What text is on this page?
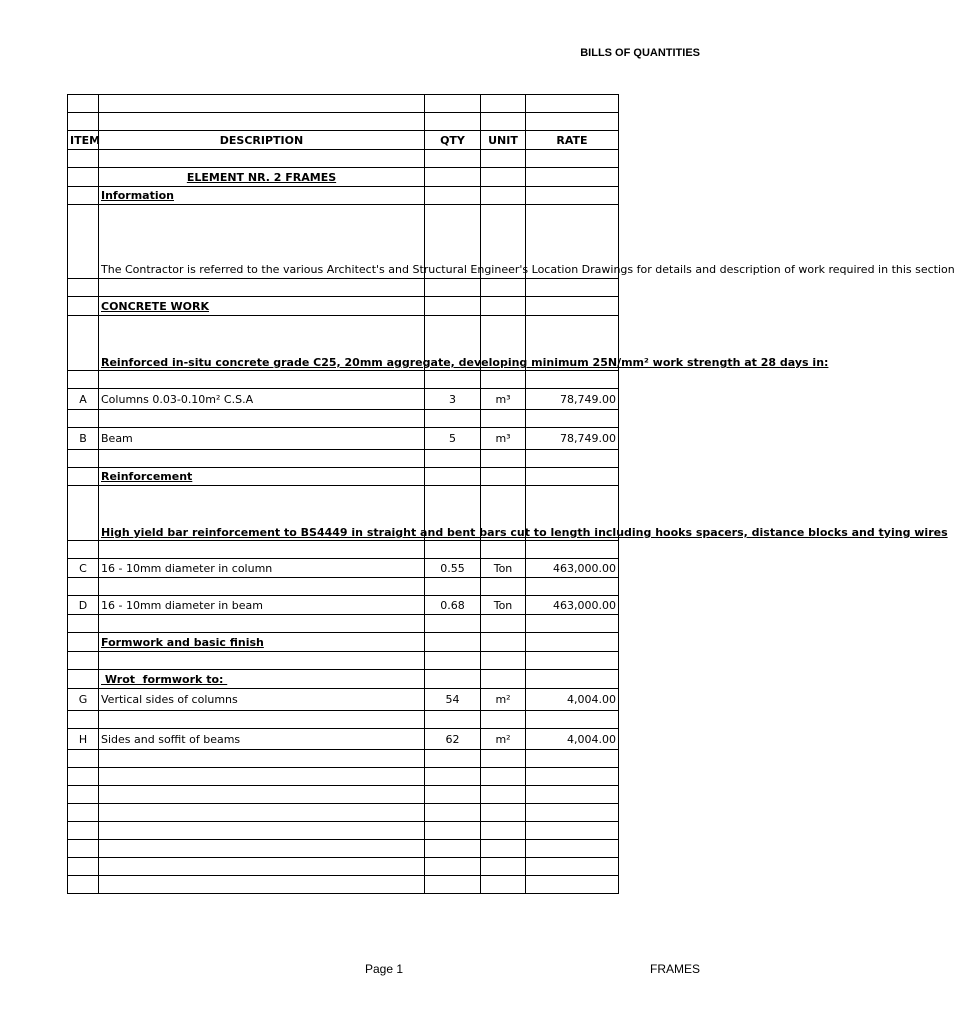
BILLS OF QUANTITIES

ITEM	DESCRIPTION	QTY	UNIT	RATE

	ELEMENT NR. 2 FRAMES			
	Information			
	The Contractor is referred to the various Architect's and Structural Engineer's Location Drawings for details and description of work required in this section			

	CONCRETE WORK			
	Reinforced in-situ concrete grade C25, 20mm aggregate, developing minimum 25N/mm² work strength at 28 days in:			

A	Columns 0.03-0.10m² C.S.A	3	m³	78,749.00

B	Beam	5	m³	78,749.00

	Reinforcement			
	High yield bar reinforcement to BS4449 in straight and bent bars cut to length including hooks spacers, distance blocks and tying wires			

C	16 - 10mm diameter in column	0.55	Ton	463,000.00

D	16 - 10mm diameter in beam	0.68	Ton	463,000.00

	Formwork and basic finish			

	Wrot  formwork to:			
G	Vertical sides of columns	54	m²	4,004.00

H	Sides and soffit of beams	62	m²	4,004.00

Page 1	FRAMES
